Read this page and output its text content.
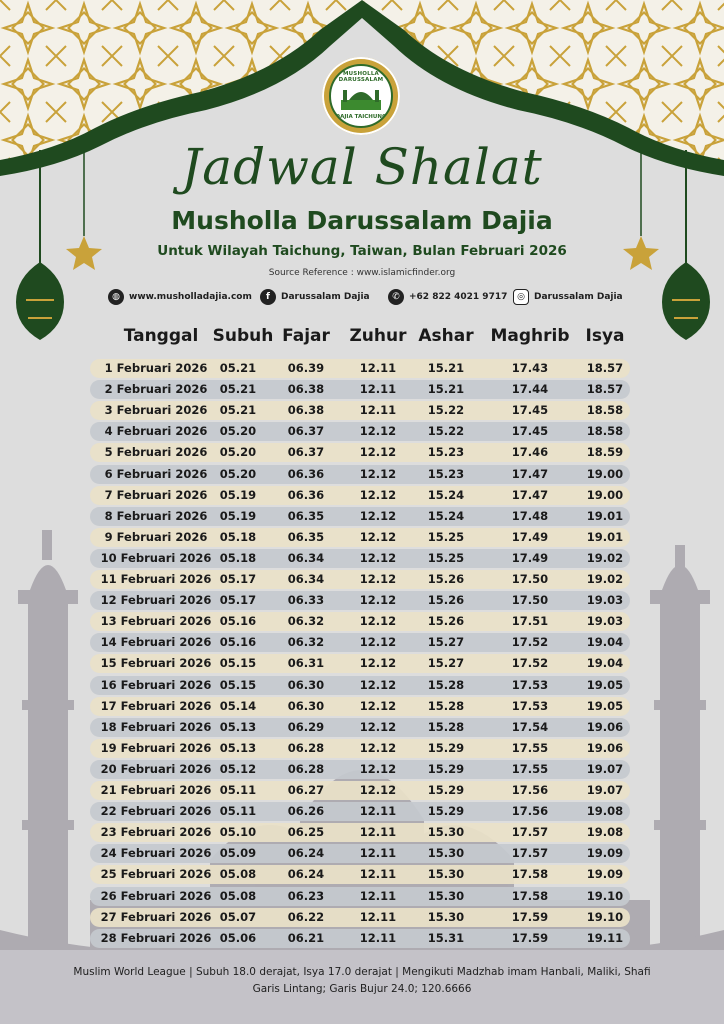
MUSHOLLA DARUSSALAM
DAJIA TAICHUNG
Jadwal Shalat
Musholla Darussalam Dajia
Untuk Wilayah Taichung, Taiwan, Bulan Februari 2026
Source Reference : www.islamicfinder.org
◍	www.musholladajia.com	f	Darussalam Dajia	✆	+62 822 4021 9717	◎	Darussalam Dajia
Tanggal Subuh Fajar	Zuhur Ashar Maghrib Isya
1 Februari 2026	05.21	06.39	12.11	15.21	17.43	18.57
2 Februari 2026	05.21	06.38	12.11	15.21	17.44	18.57
3 Februari 2026	05.21	06.38	12.11	15.22	17.45	18.58
4 Februari 2026	05.20	06.37	12.12	15.22	17.45	18.58
5 Februari 2026	05.20	06.37	12.12	15.23	17.46	18.59
6 Februari 2026	05.20	06.36	12.12	15.23	17.47	19.00
7 Februari 2026	05.19	06.36	12.12	15.24	17.47	19.00
8 Februari 2026	05.19	06.35	12.12	15.24	17.48	19.01
9 Februari 2026	05.18	06.35	12.12	15.25	17.49	19.01
10 Februari 2026 05.18	06.34	12.12	15.25	17.49	19.02
11 Februari 2026 05.17	06.34	12.12	15.26	17.50	19.02
12 Februari 2026 05.17	06.33	12.12	15.26	17.50	19.03
13 Februari 2026 05.16	06.32	12.12	15.26	17.51	19.03
14 Februari 2026 05.16	06.32	12.12	15.27	17.52	19.04
15 Februari 2026 05.15	06.31	12.12	15.27	17.52	19.04
16 Februari 2026 05.15	06.30	12.12	15.28	17.53	19.05
17 Februari 2026 05.14	06.30	12.12	15.28	17.53	19.05
18 Februari 2026 05.13	06.29	12.12	15.28	17.54	19.06
19 Februari 2026 05.13	06.28	12.12	15.29	17.55	19.06
20 Februari 2026 05.12	06.28	12.12	15.29	17.55	19.07
21 Februari 2026 05.11	06.27	12.12	15.29	17.56	19.07
22 Februari 2026 05.11	06.26	12.11	15.29	17.56	19.08
23 Februari 2026 05.10	06.25	12.11	15.30	17.57	19.08
24 Februari 2026 05.09	06.24	12.11	15.30	17.57	19.09
25 Februari 2026 05.08	06.24	12.11	15.30	17.58	19.09
26 Februari 2026 05.08	06.23	12.11	15.30	17.58	19.10
27 Februari 2026 05.07	06.22	12.11	15.30	17.59	19.10
28 Februari 2026 05.06	06.21	12.11	15.31	17.59	19.11
Muslim World League | Subuh 18.0 derajat, Isya 17.0 derajat | Mengikuti Madzhab imam Hanbali, Maliki, Shafi
Garis Lintang; Garis Bujur 24.0; 120.6666
